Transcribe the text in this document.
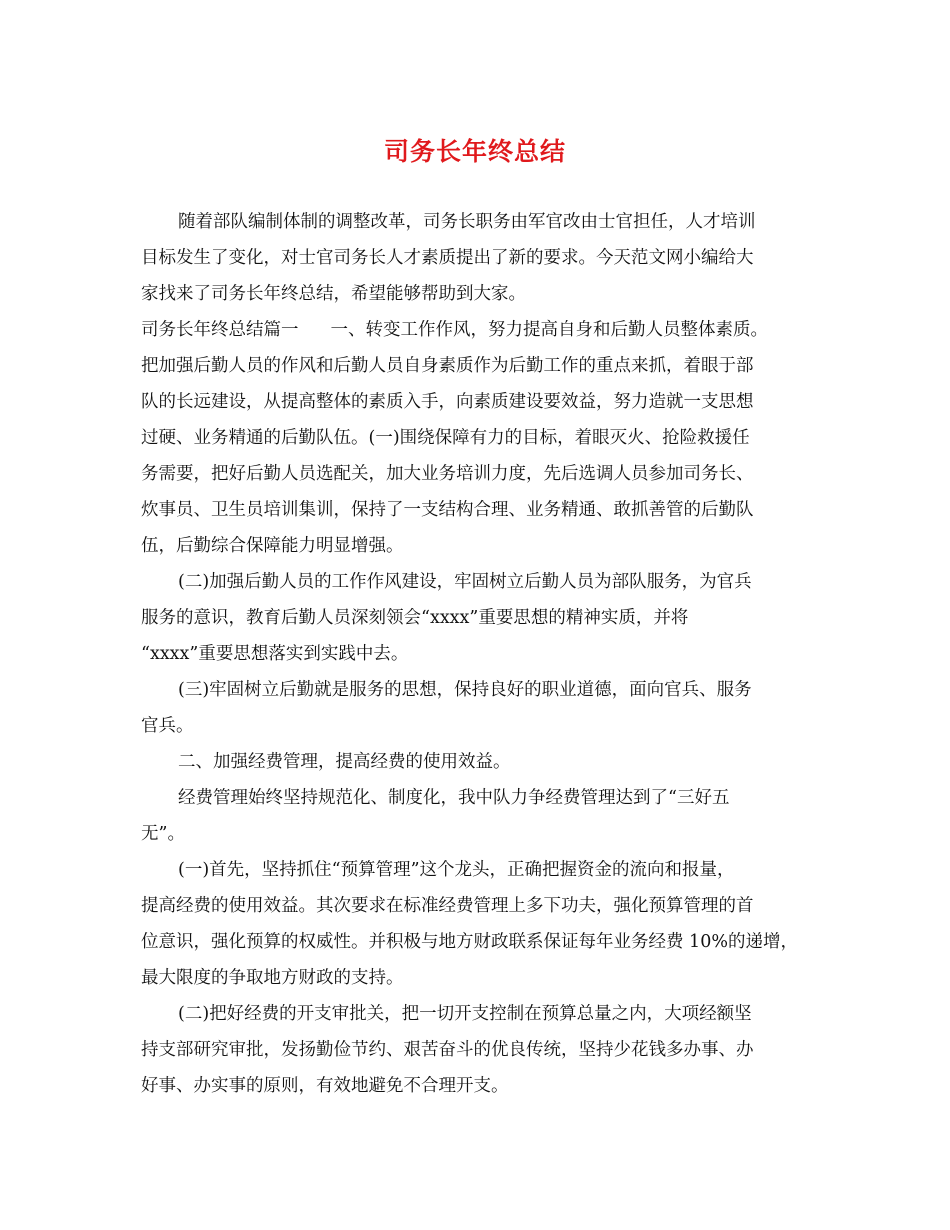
司务长年终总结
随着部队编制体制的调整改革，司务长职务由军官改由士官担任，人才培训
目标发生了变化，对士官司务长人才素质提出了新的要求。今天范文网小编给大
家找来了司务长年终总结，希望能够帮助到大家。
司务长年终总结篇一 一、转变工作作风，努力提高自身和后勤人员整体素质。
把加强后勤人员的作风和后勤人员自身素质作为后勤工作的重点来抓，着眼于部
队的长远建设，从提高整体的素质入手，向素质建设要效益，努力造就一支思想
过硬、业务精通的后勤队伍。(一)围绕保障有力的目标，着眼灭火、抢险救援任
务需要，把好后勤人员选配关，加大业务培训力度，先后选调人员参加司务长、
炊事员、卫生员培训集训，保持了一支结构合理、业务精通、敢抓善管的后勤队
伍，后勤综合保障能力明显增强。
(二)加强后勤人员的工作作风建设，牢固树立后勤人员为部队服务，为官兵
服务的意识，教育后勤人员深刻领会“xxxx”重要思想的精神实质，并将
“xxxx”重要思想落实到实践中去。
(三)牢固树立后勤就是服务的思想，保持良好的职业道德，面向官兵、服务
官兵。
二、加强经费管理，提高经费的使用效益。
经费管理始终坚持规范化、制度化，我中队力争经费管理达到了“三好五
无”。
(一)首先，坚持抓住“预算管理”这个龙头，正确把握资金的流向和报量，
提高经费的使用效益。其次要求在标准经费管理上多下功夫，强化预算管理的首
位意识，强化预算的权威性。并积极与地方财政联系保证每年业务经费 10%的递增，
最大限度的争取地方财政的支持。
(二)把好经费的开支审批关，把一切开支控制在预算总量之内，大项经额坚
持支部研究审批，发扬勤俭节约、艰苦奋斗的优良传统，坚持少花钱多办事、办
好事、办实事的原则，有效地避免不合理开支。
